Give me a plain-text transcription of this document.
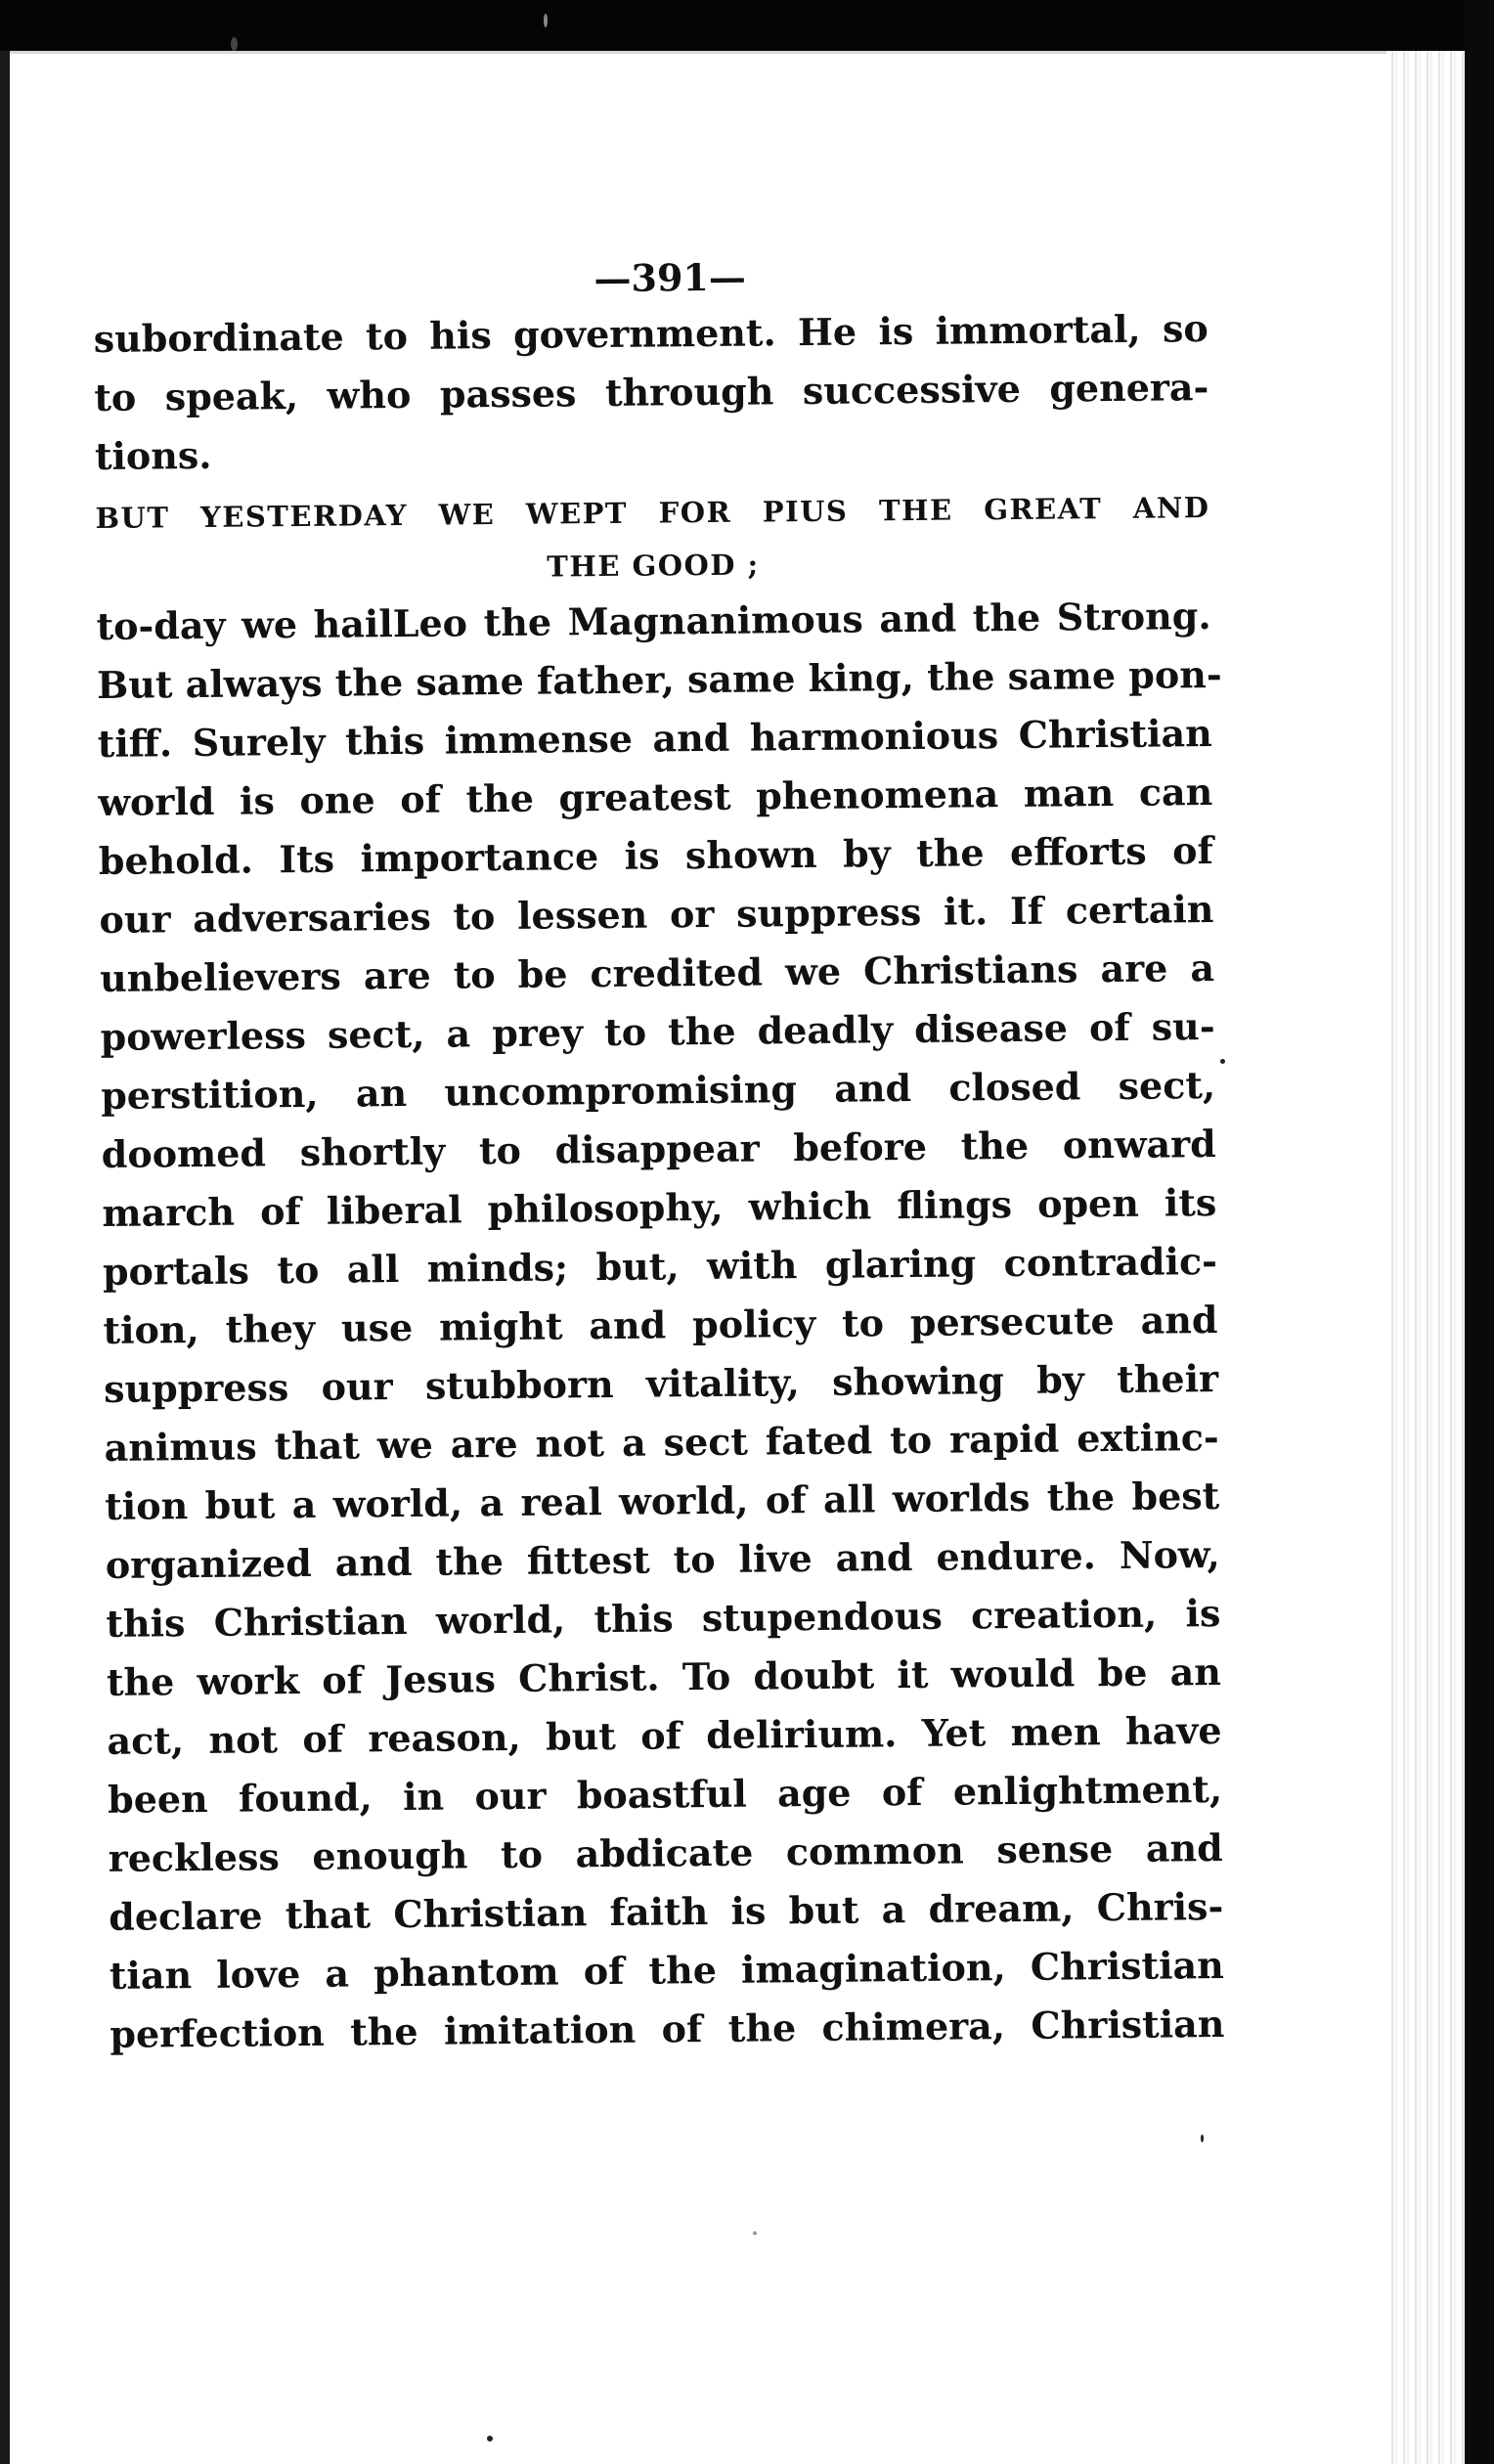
—391—
subordinate to his government. He is immortal, so
to speak, who passes through successive genera-
tions.
BUT YESTERDAY WE WEPT FOR PIUS THE GREAT AND
THE GOOD ;
to-day we hailLeo the Magnanimous and the Strong.
But always the same father, same king, the same pon-
tiff. Surely this immense and harmonious Christian
world is one of the greatest phenomena man can
behold. Its importance is shown by the efforts of
our adversaries to lessen or suppress it. If certain
unbelievers are to be credited we Christians are a
powerless sect, a prey to the deadly disease of su-
perstition, an uncompromising and closed sect,
doomed shortly to disappear before the onward
march of liberal philosophy, which flings open its
portals to all minds; but, with glaring contradic-
tion, they use might and policy to persecute and
suppress our stubborn vitality, showing by their
animus that we are not a sect fated to rapid extinc-
tion but a world, a real world, of all worlds the best
organized and the fittest to live and endure. Now,
this Christian world, this stupendous creation, is
the work of Jesus Christ. To doubt it would be an
act, not of reason, but of delirium. Yet men have
been found, in our boastful age of enlightment,
reckless enough to abdicate common sense and
declare that Christian faith is but a dream, Chris-
tian love a phantom of the imagination, Christian
perfection the imitation of the chimera, Christian
